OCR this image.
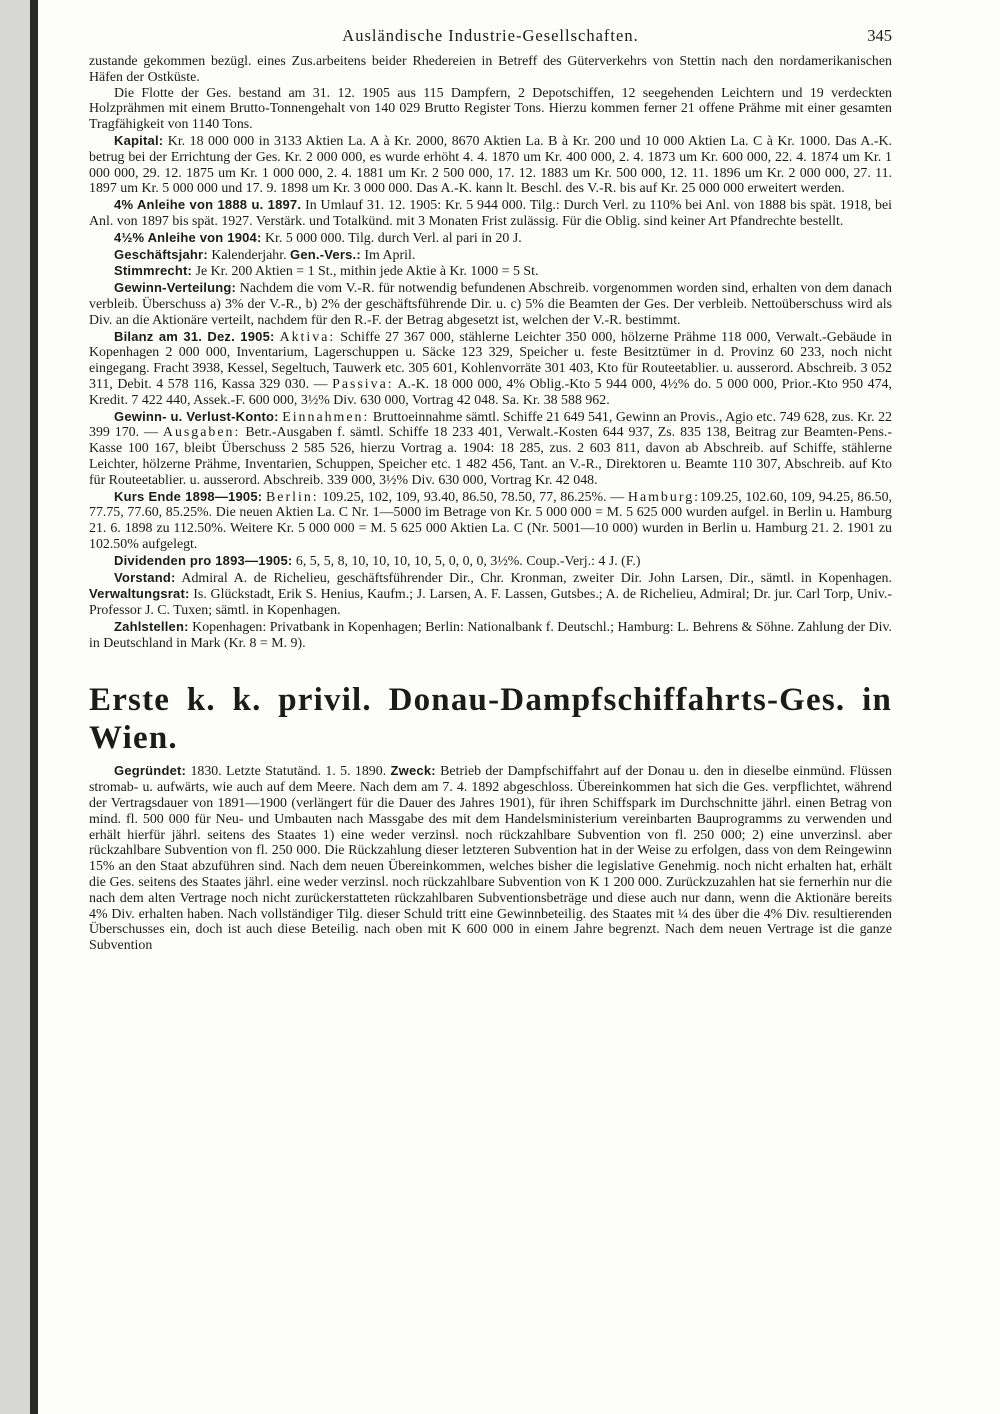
Ausländische Industrie-Gesellschaften.	345

zustande gekommen bezügl. eines Zus.arbeitens beider Rhedereien in Betreff des Güterverkehrs von Stettin nach den nordamerikanischen Häfen der Ostküste.

Die Flotte der Ges. bestand am 31. 12. 1905 aus 115 Dampfern, 2 Depotschiffen, 12 seegehenden Leichtern und 19 verdeckten Holzprähmen mit einem Brutto-Tonnengehalt von 140 029 Brutto Register Tons. Hierzu kommen ferner 21 offene Prähme mit einer gesamten Tragfähigkeit von 1140 Tons.

Kapital: Kr. 18 000 000 in 3133 Aktien La. A à Kr. 2000, 8670 Aktien La. B à Kr. 200 und 10 000 Aktien La. C à Kr. 1000. Das A.-K. betrug bei der Errichtung der Ges. Kr. 2 000 000, es wurde erhöht 4. 4. 1870 um Kr. 400 000, 2. 4. 1873 um Kr. 600 000, 22. 4. 1874 um Kr. 1 000 000, 29. 12. 1875 um Kr. 1 000 000, 2. 4. 1881 um Kr. 2 500 000, 17. 12. 1883 um Kr. 500 000, 12. 11. 1896 um Kr. 2 000 000, 27. 11. 1897 um Kr. 5 000 000 und 17. 9. 1898 um Kr. 3 000 000. Das A.-K. kann lt. Beschl. des V.-R. bis auf Kr. 25 000 000 erweitert werden.

4% Anleihe von 1888 u. 1897. In Umlauf 31. 12. 1905: Kr. 5 944 000. Tilg.: Durch Verl. zu 110% bei Anl. von 1888 bis spät. 1918, bei Anl. von 1897 bis spät. 1927. Verstärk. und Totalkünd. mit 3 Monaten Frist zulässig. Für die Oblig. sind keiner Art Pfandrechte bestellt.

4½% Anleihe von 1904: Kr. 5 000 000. Tilg. durch Verl. al pari in 20 J.

Geschäftsjahr: Kalenderjahr. Gen.-Vers.: Im April.

Stimmrecht: Je Kr. 200 Aktien = 1 St., mithin jede Aktie à Kr. 1000 = 5 St.

Gewinn-Verteilung: Nachdem die vom V.-R. für notwendig befundenen Abschreib. vorgenommen worden sind, erhalten von dem danach verbleib. Überschuss a) 3% der V.-R., b) 2% der geschäftsführende Dir. u. c) 5% die Beamten der Ges. Der verbleib. Nettoüberschuss wird als Div. an die Aktionäre verteilt, nachdem für den R.-F. der Betrag abgesetzt ist, welchen der V.-R. bestimmt.

Bilanz am 31. Dez. 1905: Aktiva: Schiffe 27 367 000, stählerne Leichter 350 000, hölzerne Prähme 118 000, Verwalt.-Gebäude in Kopenhagen 2 000 000, Inventarium, Lagerschuppen u. Säcke 123 329, Speicher u. feste Besitztümer in d. Provinz 60 233, noch nicht eingegang. Fracht 3938, Kessel, Segeltuch, Tauwerk etc. 305 601, Kohlenvorräte 301 403, Kto für Routeetablier. u. ausserord. Abschreib. 3 052 311, Debit. 4 578 116, Kassa 329 030. — Passiva: A.-K. 18 000 000, 4% Oblig.-Kto 5 944 000, 4½% do. 5 000 000, Prior.-Kto 950 474, Kredit. 7 422 440, Assek.-F. 600 000, 3½% Div. 630 000, Vortrag 42 048. Sa. Kr. 38 588 962.

Gewinn- u. Verlust-Konto: Einnahmen: Bruttoeinnahme sämtl. Schiffe 21 649 541, Gewinn an Provis., Agio etc. 749 628, zus. Kr. 22 399 170. — Ausgaben: Betr.-Ausgaben f. sämtl. Schiffe 18 233 401, Verwalt.-Kosten 644 937, Zs. 835 138, Beitrag zur Beamten-Pens.-Kasse 100 167, bleibt Überschuss 2 585 526, hierzu Vortrag a. 1904: 18 285, zus. 2 603 811, davon ab Abschreib. auf Schiffe, stählerne Leichter, hölzerne Prähme, Inventarien, Schuppen, Speicher etc. 1 482 456, Tant. an V.-R., Direktoren u. Beamte 110 307, Abschreib. auf Kto für Routeetablier. u. ausserord. Abschreib. 339 000, 3½% Div. 630 000, Vortrag Kr. 42 048.

Kurs Ende 1898—1905: Berlin: 109.25, 102, 109, 93.40, 86.50, 78.50, 77, 86.25%. — Hamburg:109.25, 102.60, 109, 94.25, 86.50, 77.75, 77.60, 85.25%. Die neuen Aktien La. C Nr. 1—5000 im Betrage von Kr. 5 000 000 = M. 5 625 000 wurden aufgel. in Berlin u. Hamburg 21. 6. 1898 zu 112.50%. Weitere Kr. 5 000 000 = M. 5 625 000 Aktien La. C (Nr. 5001—10 000) wurden in Berlin u. Hamburg 21. 2. 1901 zu 102.50% aufgelegt.

Dividenden pro 1893—1905: 6, 5, 5, 8, 10, 10, 10, 10, 5, 0, 0, 0, 3½%. Coup.-Verj.: 4 J. (F.)

Vorstand: Admiral A. de Richelieu, geschäftsführender Dir., Chr. Kronman, zweiter Dir. John Larsen, Dir., sämtl. in Kopenhagen. Verwaltungsrat: Is. Glückstadt, Erik S. Henius, Kaufm.; J. Larsen, A. F. Lassen, Gutsbes.; A. de Richelieu, Admiral; Dr. jur. Carl Torp, Univ.-Professor J. C. Tuxen; sämtl. in Kopenhagen.

Zahlstellen: Kopenhagen: Privatbank in Kopenhagen; Berlin: Nationalbank f. Deutschl.; Hamburg: L. Behrens & Söhne. Zahlung der Div. in Deutschland in Mark (Kr. 8 = M. 9).

Erste k. k. privil. Donau-Dampfschiffahrts-Ges. in Wien.

Gegründet: 1830. Letzte Statutänd. 1. 5. 1890. Zweck: Betrieb der Dampfschiffahrt auf der Donau u. den in dieselbe einmünd. Flüssen stromab- u. aufwärts, wie auch auf dem Meere. Nach dem am 7. 4. 1892 abgeschloss. Übereinkommen hat sich die Ges. verpflichtet, während der Vertragsdauer von 1891—1900 (verlängert für die Dauer des Jahres 1901), für ihren Schiffspark im Durchschnitte jährl. einen Betrag von mind. fl. 500 000 für Neu- und Umbauten nach Massgabe des mit dem Handelsministerium vereinbarten Bauprogramms zu verwenden und erhält hierfür jährl. seitens des Staates 1) eine weder verzinsl. noch rückzahlbare Subvention von fl. 250 000; 2) eine unverzinsl. aber rückzahlbare Subvention von fl. 250 000. Die Rückzahlung dieser letzteren Subvention hat in der Weise zu erfolgen, dass von dem Reingewinn 15% an den Staat abzuführen sind. Nach dem neuen Übereinkommen, welches bisher die legislative Genehmig. noch nicht erhalten hat, erhält die Ges. seitens des Staates jährl. eine weder verzinsl. noch rückzahlbare Subvention von K 1 200 000. Zurückzuzahlen hat sie fernerhin nur die nach dem alten Vertrage noch nicht zurückerstatteten rückzahlbaren Subventionsbeträge und diese auch nur dann, wenn die Aktionäre bereits 4% Div. erhalten haben. Nach vollständiger Tilg. dieser Schuld tritt eine Gewinnbeteilig. des Staates mit ¼ des über die 4% Div. resultierenden Überschusses ein, doch ist auch diese Beteilig. nach oben mit K 600 000 in einem Jahre begrenzt. Nach dem neuen Vertrage ist die ganze Subvention
